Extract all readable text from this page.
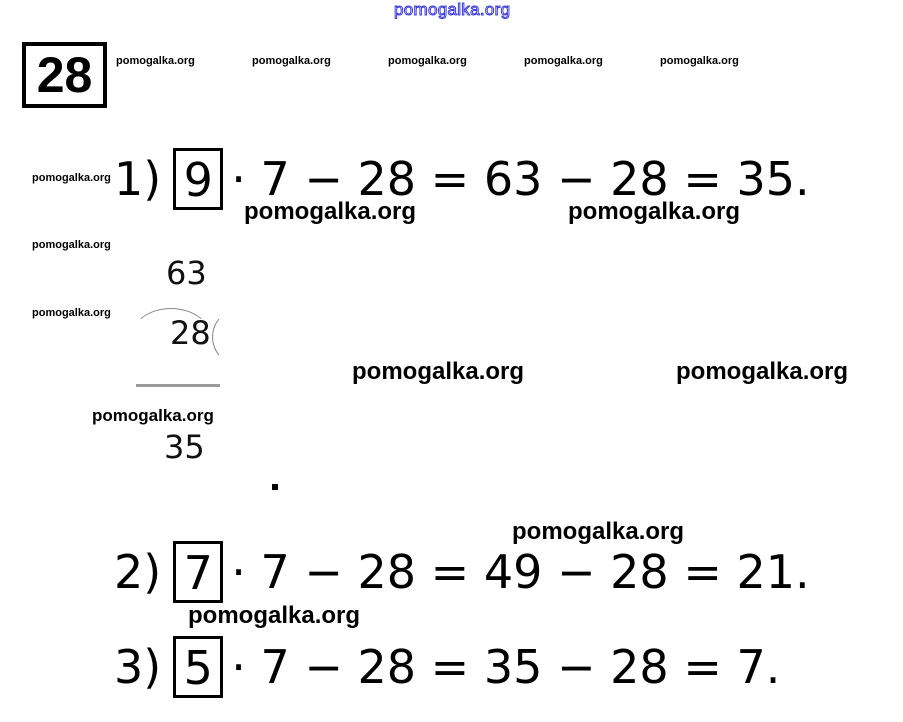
pomogalka.org
28	pomogalka.org	pomogalka.org	pomogalka.org	pomogalka.org	pomogalka.org
pomogalka.org
pomogalka.org
pomogalka.org
1) 9 · 7 − 28 = 63 − 28 = 35.
pomogalka.org	pomogalka.org
63
28
35
pomogalka.org	pomogalka.org
pomogalka.org
pomogalka.org
2) 7 · 7 − 28 = 49 − 28 = 21.
pomogalka.org
3) 5 · 7 − 28 = 35 − 28 = 7.
